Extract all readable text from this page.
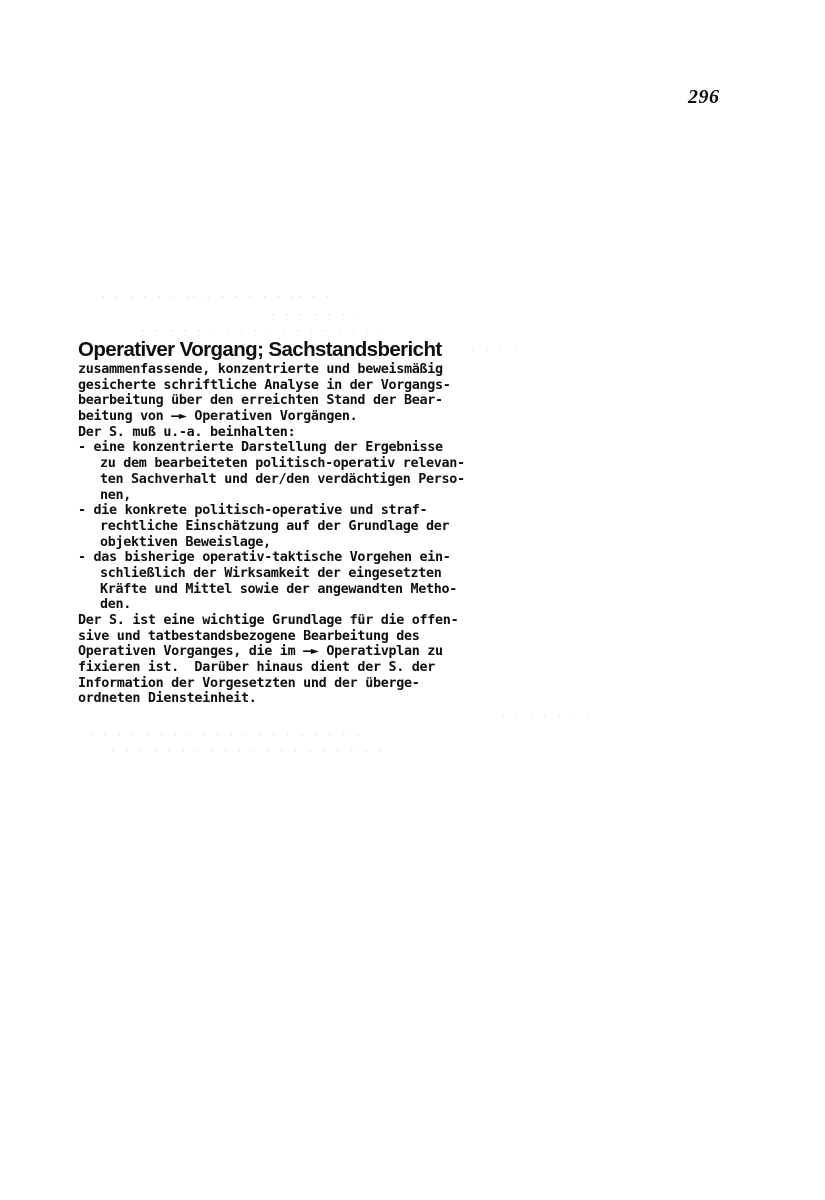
296
· · · · · · ·· · · · · · · ·· · ·
· · · · · · ·
· · · · · · · · · · · · · · · · · ·
· · · ·
· · · · · · ·
· · · · · · · · · · · · · · · · · · · ·
· · · · · · · · · · · · · · · · · · · ·
Operativer Vorgang; Sachstandsbericht
zusammenfassende, konzentrierte und beweismäßig
gesicherte schriftliche Analyse in der Vorgangs-
bearbeitung über den erreichten Stand der Bear-
beitung von —► Operativen Vorgängen.
Der S. muß u.-a. beinhalten:
- eine konzentrierte Darstellung der Ergebnisse
zu dem bearbeiteten politisch-operativ relevan-
ten Sachverhalt und der/den verdächtigen Perso-
nen,
- die konkrete politisch-operative und straf-
rechtliche Einschätzung auf der Grundlage der
objektiven Beweislage,
- das bisherige operativ-taktische Vorgehen ein-
schließlich der Wirksamkeit der eingesetzten
Kräfte und Mittel sowie der angewandten Metho-
den.
Der S. ist eine wichtige Grundlage für die offen-
sive und tatbestandsbezogene Bearbeitung des
Operativen Vorganges, die im —► Operativplan zu
fixieren ist.  Darüber hinaus dient der S. der
Information der Vorgesetzten und der überge-
ordneten Diensteinheit.
